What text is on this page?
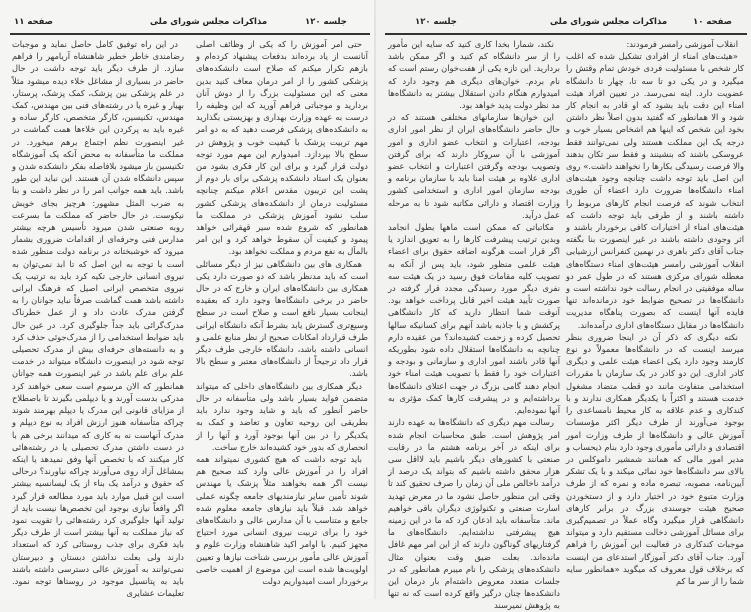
صفحه ۱۱	مذاکرات مجلس شورای ملی	جلسه ۱۲۰

حتی امر آموزش را که یکی از وظائف اصلی آنانست از یاد برده‌اند بدفعات پیشنهاد کرده‌ام و بازهم تکرار میکنم که صلاح است دانشکده‌های پزشکی کشور را از امر درمان معاف کنید بدین معنی که این مسئولیت بزرگ را از دوش آنان بردارید و موجباتی فراهم آورید که این وظیفه را درست به عهده وزارت بهداری و بهزیستی بگذارید به دانشکده‌های پزشکی فرصت دهید که به دو امر مهم تربیت پزشک با کیفیت خوب و پژوهش در سطح بالا بپردازد. امیدوارم این مهم مورد توجه دولت قرار گیرد و برای این کار فکری بشود من بعنوان یک استاد دانشکده پزشکی برای بار دوم از پشت این تریبون مقدس اعلام میکنم چنانچه مسئولیت درمان از دانشکده‌های پزشکی کشور سلب نشود آموزش پزشکی در مملکت ما همانطور که شروع شده سیر قهقرائی خواهد پیمود و کیفیت آن سقوط خواهد کرد و این امر بالمآل به نفع مردم و مملکت نخواهد بود.

همکاری های بین دانشگاهی نیز از دیگر مسائلی است که باید مدنظر باشد که دو صورت دارد یکی همکاری بین دانشگاه‌های ایران و خارج که در حال حاضر در برخی دانشگاه‌ها وجود دارد که بعقیده اینجانب بسیار نافع است و صلاح است در سطح وسیع‌تری گسترش یابد بشرط آنکه دانشگاه ایرانی طرف قرارداد امکانات صحیح از نظر منابع علمی و انسانی داشته باشد، دانشگاه خارجی طرف دیگر قرار داد ترجیحاً از دانشگاه‌های معتبر و سطح بالا باشد.

دیگر همکاری بین دانشگاه‌های داخلی که میتواند متضمن فواید بسیار باشد ولی متأسفانه در حال حاضر آنطور که باید و شاید وجود ندارد باید بطریقی این روحیه تعاون و تعاضد و کمک به یکدیگر را در بین آنها بوجود آورد و آنها را از انحصاری که بدور خود کشیده‌اند خارج ساخت.

باید توجه داشت که هیچ کشوری نمیتواند همه افراد را در آموزش عالی وارد کند صحیح هم نیست اگر همه بخواهند مثلاً پزشک یا مهندس شوند تأمین سایر نیازمندیهای جامعه چگونه عملی خواهد شد. قبلاً باید نیازهای جامعه معلوم شده جامع و متناسب با آن مدارس عالی و دانشگاه‌های خود را برای تربیت نیروی انسانی مورد احتیاج مجهز کنیم. با اوامر اکید شاهنشاه وزارت علوم و آموزش عالی مأمور بررسی شناخت نیازها و تعیین اولویت‌ها شده است این موضوع از اهمیت خاصی برخوردار است امیدواریم دولت

در این راه توفیق کامل حاصل نماید و موجبات رضامندی خاطر خطیر شاهنشاه آریامهر را فراهم سازد. از طرف دیگر باید توجه داشت در حال حاضر در بسیاری از مشاغل خلاء دیده میشود مثلاً در علم پزشکی بین پزشک، کمک پزشک، پرستار، بهیار و غیره یا در رشته‌های فنی بین مهندس، کمک مهندس، تکنیسین، کارگر متخصص، کارگر ساده و غیره باید به پرکردن این خلاءها همت گماشت در غیر اینصورت نظم اجتماع برهم میخورد. در مملکت ما متأسفانه به محض آنکه یک آموزشگاه تکنیسین باز میشود بلافاصله بفکر دانشکده شدن و سپس دانشگاه شدن آن هستند. این نباید این طور باشد. باید همه جوانب امر را در نظر داشت و بنا به ضرب المثل مشهور: هرچیز بجای خویش نیکوست. در حال حاضر که مملکت ما بسرعت روبه صنعتی شدن میرود تأسیس هرچه بیشتر مدارس فنی وحرفه‌ای از اقدامات ضروری بشمار میرود که خوشبختانه در برنامه دولت منظور شده است با توجه به این اصل که تا ابد نمی‌توان به نیروی انسانی خارجی تکیه کرد باید به ترتیب یک نیروی متخصص ایرانی اصیل که فرهنگ ایرانی داشته باشد همت گماشت صرفاً نباید جوانان را به گرفتن مدرک عادت داد و از عمل خطرناک مدرک‌گرائی باید جداً جلوگیری کرد. در عین حال باید ضوابط استخدامی را از مدرک‌جوئی حذف کرد و به دانسته‌های حرفه‌ای بیش از مدرک تحصیلی توجه شود در اینصورت دانشگاه میتواند در خدمت علم برای علم باشد در غیر اینصورت همه جوانان همانطور که الان مرسوم است سعی خواهند کرد مدرکی بدست آورند و یا دیپلمی بگیرند تا باصطلاح از مزایای قانونی این مدرک یا دیپلم بهرمند شوند چراکه متأسفانه هنوز ارزش افراد به نوع دیپلم و مدرک آنهاست نه به کاری که میدانند برخی هم با در دست داشتن مدرک تحصیلی یا در رشته‌هائی کار میکنند که با تخصص آنها وفق نمیدهد یا اینکه بمشاغل آزاد روی می‌آورند چراکه نیاورند؟ درحالی که حقوق و درآمد یک بناء از یک لیسانسیه بیشتر است این قبیل موارد باید مورد مطالعه قرار گیرد اگر واقعاً نیازی بوجود این تخصص‌ها نیست باید از تولید آنها جلوگیری کرد رشته‌هائی را تقویت نمود که نیاز مملکت به آنها بیشتر است از طرف دیگر باید فکری برای جذب روستائی کرد که استعداد دارند ولی بعلت نداشتن دبستان و دبیرستان نمی‌توانند به آموزش عالی دسترسی داشته باشند باید به پتانسیل موجود در روستاها توجه نمود. تعلیمات عشایری

جلسه ۱۲۰	مذاکرات مجلس شورای ملی	صفحه ۱۰

انقلاب آموزشی رامسر فرمودند:

«هیئت‌های امناء از افرادی تشکیل شده که اغلب کار شخص با مسئولیت فردی خودش تمام وقتش را میگیرد و در یکی دو تا سه تا، چهار تا دانشگاه عضویت دارد. اینه نمی‌رسد. در تعیین افراد هیئت امناء این دقت باید بشود که او قادر به انجام کار شود و الا همانطور که گفتید بدون اصلاً نظر داشتن بخود این شخص که اینها هم اشخاص بسیار خوب و درجه یک این مملکت هستند ولی نمی‌توانند فقط عروسکی باشند که بنشینند و فقط سر تکان بدهند والا فرصت رسیدگی بکارها را نخواهند داشت.» روی این اصل باید توجه داشت چنانچه وجود هیئت‌های امناء دانشگاه‌ها ضرورت دارد اعضاء آن طوری انتخاب شوند که فرصت انجام کارهای مربوط را داشته باشند و از طرفی باید توجه داشت که هیئت‌های امناء از اختیارات کافی برخوردار باشند و اثر وجودی داشته باشند در غیر اینصورت بنا بگفته جناب آقای دکتر باهری در نهمین کنفرانس ارزشیابی انقلاب آموزشی رامسر هیئت‌های امناء دستگاه‌های معطله شورای مرکزی هستند که در طول عمر دو ساله موفقیتی در انجام رسالت خود نداشته است و دانشگاه‌ها در تصحیح ضوابط خود درمانده‌اند تنها فایده آنها اینست که بصورت پناهگاه مدیریت دانشگاه‌ها در مقابل دستگاه‌های اداری درآمده‌اند.

نکته دیگری که ذکر آن در اینجا ضروری بنظر میرسد اینست که در دانشگاه‌ها معمولاً دو نوع کارمند وجود دارد یکی اعضاء هیئت علمی و دیگری کادر اداری. این دو کادر در یک سازمان با مقررات استخدامی متفاوت مانند دو قطب متضاد مشغول خدمت هستند و اکثراً با یکدیگر همکاری ندارند و با کندکاری و عدم علاقه به کار محیط نامساعدی را بوجود می‌آورند از طرف دیگر اکثر مؤسسات آموزش عالی و دانشگاه‌ها از طرف وزارت امور اقتصادی و دارائی مأموری وجود دارد بنام ذیحساب و مدیر امور مالی که همانند شمشیر داموکلس در بالای سر دانشگاه‌ها خود نمائی میکند و با یک تشکر آیین‌نامه، مصوبه، تبصره ماده و نمره که از طرف وزارت متبوع خود در اختیار دارد و از دستخوردن صحیح هیئت جوسندی بزرگ در برابر کارهای دانشگاهی قرار میگیرد وگاه عملاً در تصمیم‌گیری برای مسائل آموزشی دخالت مستقیم دارد و میتواند موجبات کندکاری در فعالیت این آموزش را فراهم آورد. جناب آقای دکتر آموزگار استدعای من اینست که برخلاف قول معروف که میگوید «همانطور سایه شما را از سر ما کم

نکند، شمارا بخدا کاری کنید که سایه این مأمور را از سر دانشگاه کم کنید و اگر ممکن باشد بردارید. این تازه یکی از هفت‌خوان رستم است که نام بردم. خوان‌های دیگری هم وجود دارد که امیدوارم هنگام دادن استقلال بیشتر به دانشگاه‌ها مد نظر دولت پدید خواهد بود.

این خوان‌ها سازمانهای مختلفی هستند که در حال حاضر دانشگاه‌های ایران از نظر امور اداری بودجه، اعتبارات و انتخاب عضو اداری و امور آموزشی با آن سروکار دارند که برای گرفتن وتصویب بودجه وگرفتن اعتبارات و انتخاب عضو اداری علاوه بر هیئت امنا باید با سازمان برنامه و بودجه سازمان امور اداری و استخدامی کشور وزارت اقتصاد و دارائی مکاتبه شود تا به مرحله عمل درآید.

مکاتباتی که ممکن است ماهها بطول انجامد وبدین ترتیب پیشرفت کارها را به تعویق اندازد یا اگر قرار است هرگونه اضافه حقوق برای اعضاء هیئت علمی منظور شود، باید پس از آنکه به تصویب کلیه مقامات فوق رسید در یک هیئت سه نفری دیگر مورد رسیدگی مجدد قرار گرفته در صورت تأیید هیئت اخیر قابل پرداخت خواهد بود. آنوقت شما انتظار دارید که کار دانشگاهی پرکشش و با جاذبه باشد آنهم برای کسانیکه سالها تحصیل کرده و زحمت کشیده‌اند؟ من عقیده دارم چنانچه به دانشگاه‌ها استقلال داده شود بطوریکه آنها قادر باشند امور اداری و سازمانی و بودجه و اعتبارات خود را فقط با تصویب هیئت امناء خود انجام دهند گامی بزرگ در جهت اعتلای دانشگاه‌ها برداشته‌ایم و در پیشرفت کارها کمک مؤثری به آنها نموده‌ایم.

رسالت مهم دیگری که دانشگاه‌ها به عهده دارند امر پژوهش است. طبق محاسبات انجام شده برای اینکه در آخر برنامه هشتم ما در رقابت صنعتی با کشورهای دیگر باشیم باید لااقل سی هزار محقق داشته باشیم که بتواند یک درصد از درآمد ناخالص ملی آن زمان را صرف تحقیق کند تا وقتی این منظور حاصل نشود ما در معرض تهدید اسارت صنعتی و تکنولوژی دیگران باقی خواهیم ماند. متأسفانه باید اذعان کرد که ما در این زمینه هیچ پیشرفتی نداشته‌ایم. دانشگاه‌های ما گرفتاریهای گوناگون دارند که از این امر مهم غافل مانده‌اند. بعلت ضیق وقت بعنوان مثال دانشکده‌های پزشکی را نام میبرم همانطور که در جلسات متعدد معروض داشته‌ام بار درمان این دانشکده‌ها چنان درگیر واقع کرده است که نه تنها به پژوهش نمیرسند
